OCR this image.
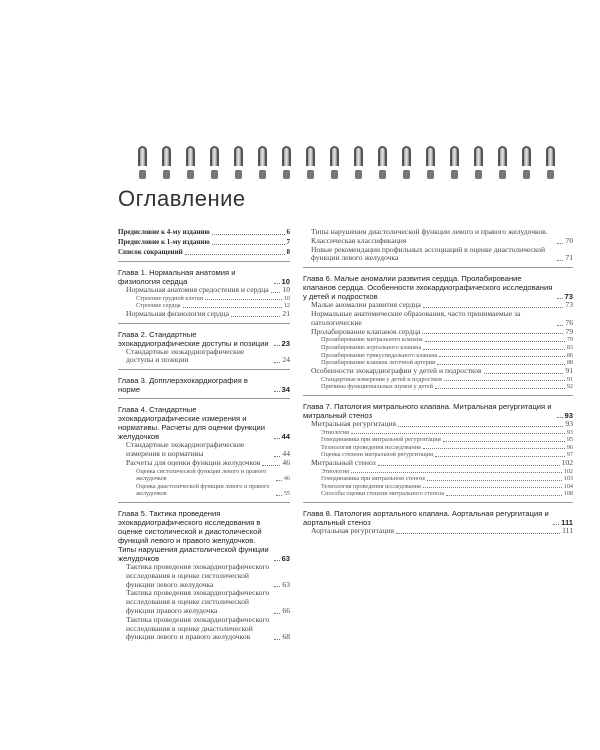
Оглавление
Предисловие к 4-му изданию	6
Предисловие к 1-му изданию	7
Список сокращений	8
Глава 1. Нормальная анатомия и физиология сердца	10
Нормальная анатомия средостения и сердца 10
Строение грудной клетки	10
Строение сердца	12
Нормальная физиология сердца	21
Глава 2. Стандартные эхокардиографические доступы и позиции	23
Стандартные эхокардиографические доступы и позиции	24
Глава 3. Допплерэхокардиография в норме	34
Глава 4. Стандартные эхокардиографические измерения и нормативы. Расчеты для оценки функции желудочков	44
Стандартные эхокардиографические измерения и нормативы	44
Расчеты для оценки функции желудочков	46
Оценка систолической функции левого и правого желудочков	46
Оценка диастолической функции левого и правого желудочков	55
Глава 5. Тактика проведения эхокардиографического исследования в оценке систолической и диастолической функций левого и правого желудочков. Типы нарушения диастолической функции желудочков	63
Тактика проведения эхокардиографического исследования в оценке систолической функции левого желудочка	63
Тактика проведения эхокардиографического исследования в оценке систолической функции правого желудочка	66
Тактика проведения эхокардиографического исследования в оценке диастолической функции левого и правого желудочков	68
Типы нарушения диастолической функции левого и правого желудочков. Классическая классификация	70
Новые рекомендации профильных ассоциаций в оценке диастолической функции левого желудочка	71
Глава 6. Малые аномалии развития сердца. Пролабирование клапанов сердца. Особенности эхокардиографического исследования у детей и подростков	73
Малые аномалии развития сердца	73
Нормальные анатомические образования, часто принимаемые за патологические	76
Пролабирование клапанов сердца	79
Пролабирование митрального клапана	79
Пролабирование аортального клапана	83
Пролабирование трикуспидального клапана	86
Пролабирование клапана легочной артерии	88
Особенности эхокардиографии у детей и подростков	91
Стандартные измерения у детей и подростков	91
Причины функциональных шумов у детей	92
Глава 7. Патология митрального клапана. Митральная регургитация и митральный стеноз	93
Митральная регургитация	93
Этиология	93
Гемодинамика при митральной регургитации	95
Технология проведения исследования	96
Оценка степени митральной регургитации	97
Митральный стеноз	102
Этиология	102
Гемодинамика при митральном стенозе	103
Технология проведения исследования	104
Способы оценки степени митрального стеноза	108
Глава 8. Патология аортального клапана. Аортальная регургитация и аортальный стеноз	111
Аортальная регургитация	111
